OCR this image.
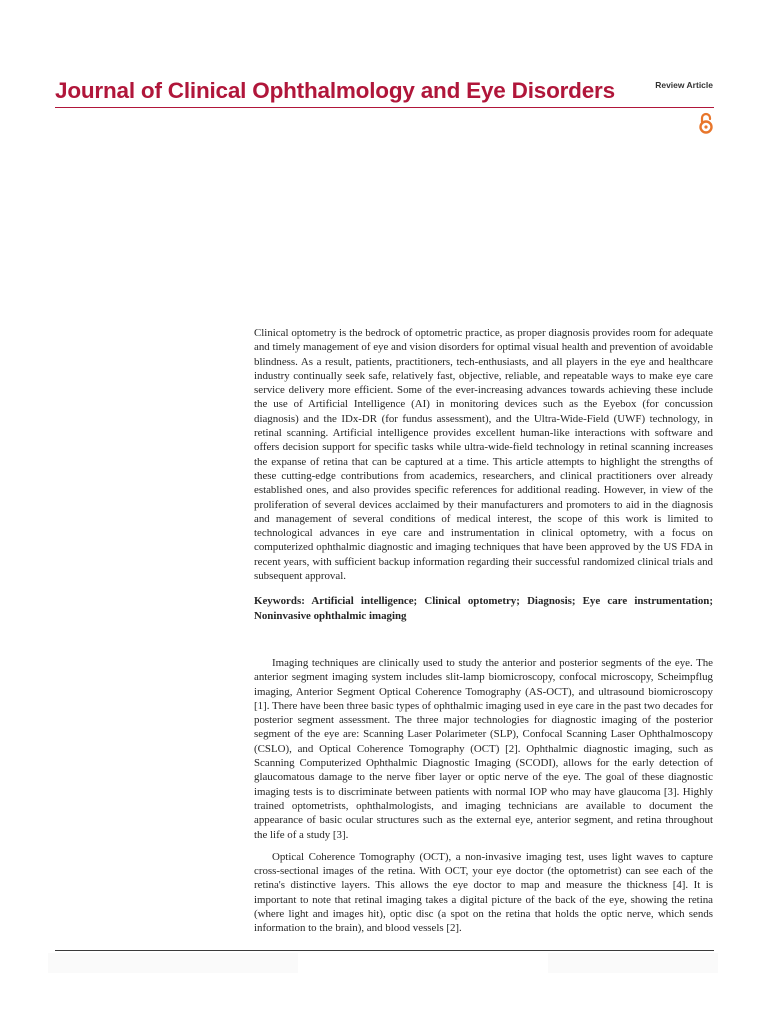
Journal of Clinical Ophthalmology and Eye Disorders	Review Article

Clinical optometry is the bedrock of optometric practice, as proper diagnosis provides room for adequate and timely management of eye and vision disorders for optimal visual health and prevention of avoidable blindness. As a result, patients, practitioners, tech-enthusiasts, and all players in the eye and healthcare industry continually seek safe, relatively fast, objective, reliable, and repeatable ways to make eye care service delivery more efficient. Some of the ever-increasing advances towards achieving these include the use of Artificial Intelligence (AI) in monitoring devices such as the Eyebox (for concussion diagnosis) and the IDx-DR (for fundus assessment), and the Ultra-Wide-Field (UWF) technology, in retinal scanning. Artificial intelligence provides excellent human-like interactions with software and offers decision support for specific tasks while ultra-wide-field technology in retinal scanning increases the expanse of retina that can be captured at a time. This article attempts to highlight the strengths of these cutting-edge contributions from academics, researchers, and clinical practitioners over already established ones, and also provides specific references for additional reading. However, in view of the proliferation of several devices acclaimed by their manufacturers and promoters to aid in the diagnosis and management of several conditions of medical interest, the scope of this work is limited to technological advances in eye care and instrumentation in clinical optometry, with a focus on computerized ophthalmic diagnostic and imaging techniques that have been approved by the US FDA in recent years, with sufficient backup information regarding their successful randomized clinical trials and subsequent approval.

Keywords: Artificial intelligence; Clinical optometry; Diagnosis; Eye care instrumentation; Noninvasive ophthalmic imaging

Imaging techniques are clinically used to study the anterior and posterior segments of the eye. The anterior segment imaging system includes slit-lamp biomicroscopy, confocal microscopy, Scheimpflug imaging, Anterior Segment Optical Coherence Tomography (AS-OCT), and ultrasound biomicroscopy [1]. There have been three basic types of ophthalmic imaging used in eye care in the past two decades for posterior segment assessment. The three major technologies for diagnostic imaging of the posterior segment of the eye are: Scanning Laser Polarimeter (SLP), Confocal Scanning Laser Ophthalmoscopy (CSLO), and Optical Coherence Tomography (OCT) [2]. Ophthalmic diagnostic imaging, such as Scanning Computerized Ophthalmic Diagnostic Imaging (SCODI), allows for the early detection of glaucomatous damage to the nerve fiber layer or optic nerve of the eye. The goal of these diagnostic imaging tests is to discriminate between patients with normal IOP who may have glaucoma [3]. Highly trained optometrists, ophthalmologists, and imaging technicians are available to document the appearance of basic ocular structures such as the external eye, anterior segment, and retina throughout the life of a study [3].

Optical Coherence Tomography (OCT), a non-invasive imaging test, uses light waves to capture cross-sectional images of the retina. With OCT, your eye doctor (the optometrist) can see each of the retina's distinctive layers. This allows the eye doctor to map and measure the thickness [4]. It is important to note that retinal imaging takes a digital picture of the back of the eye, showing the retina (where light and images hit), optic disc (a spot on the retina that holds the optic nerve, which sends information to the brain), and blood vessels [2].
